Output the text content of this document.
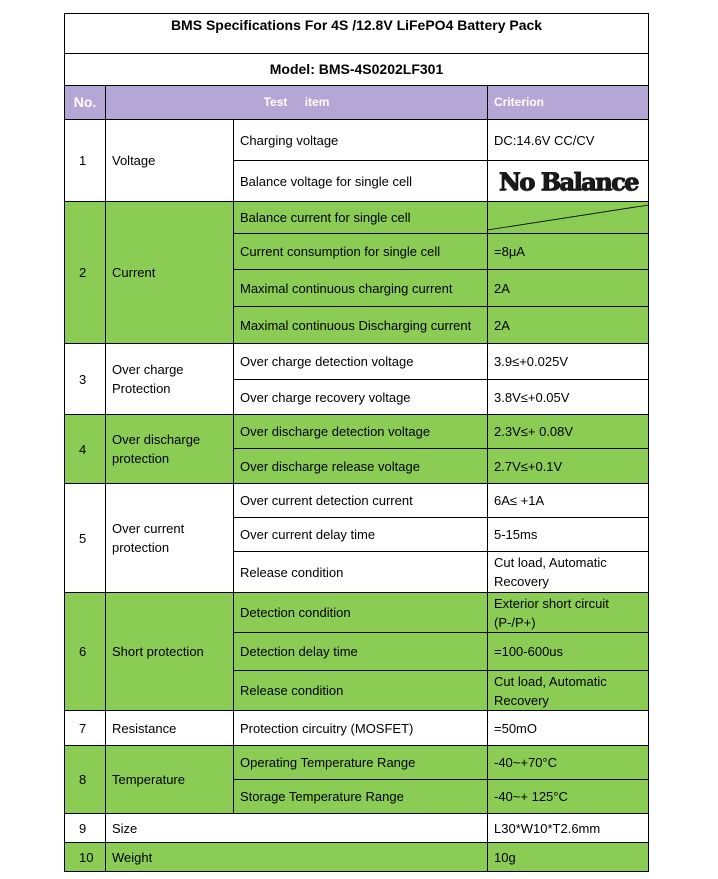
BMS Specifications For 4S /12.8V LiFePO4 Battery Pack			
Model: BMS-4S0202LF301			
No.	Test item		Criterion
1	Voltage	Charging voltage	DC:14.6V CC/CV
		Balance voltage for single cell	No Balance
2	Current	Balance current for single cell	

		Current consumption for single cell	=8μA
		Maximal continuous charging current	2A
		Maximal continuous Discharging current	2A
3	Over charge Protection	Over charge detection voltage	3.9≤+0.025V
		Over charge recovery voltage	3.8V≤+0.05V
4	Over discharge protection	Over discharge detection voltage	2.3V≤+ 0.08V
		Over discharge release voltage	2.7V≤+0.1V
5	Over current protection	Over current detection current	6A≤ +1A
		Over current delay time	5-15ms
		Release condition	Cut load, Automatic Recovery
6	Short protection	Detection condition	Exterior short circuit (P-/P+)
		Detection delay time	=100-600us
		Release condition	Cut load, Automatic Recovery
7	Resistance	Protection circuitry (MOSFET)	=50mO
8	Temperature	Operating Temperature Range	-40~+70°C
		Storage Temperature Range	-40~+ 125°C
9	Size		L30*W10*T2.6mm
10	Weight		10g
